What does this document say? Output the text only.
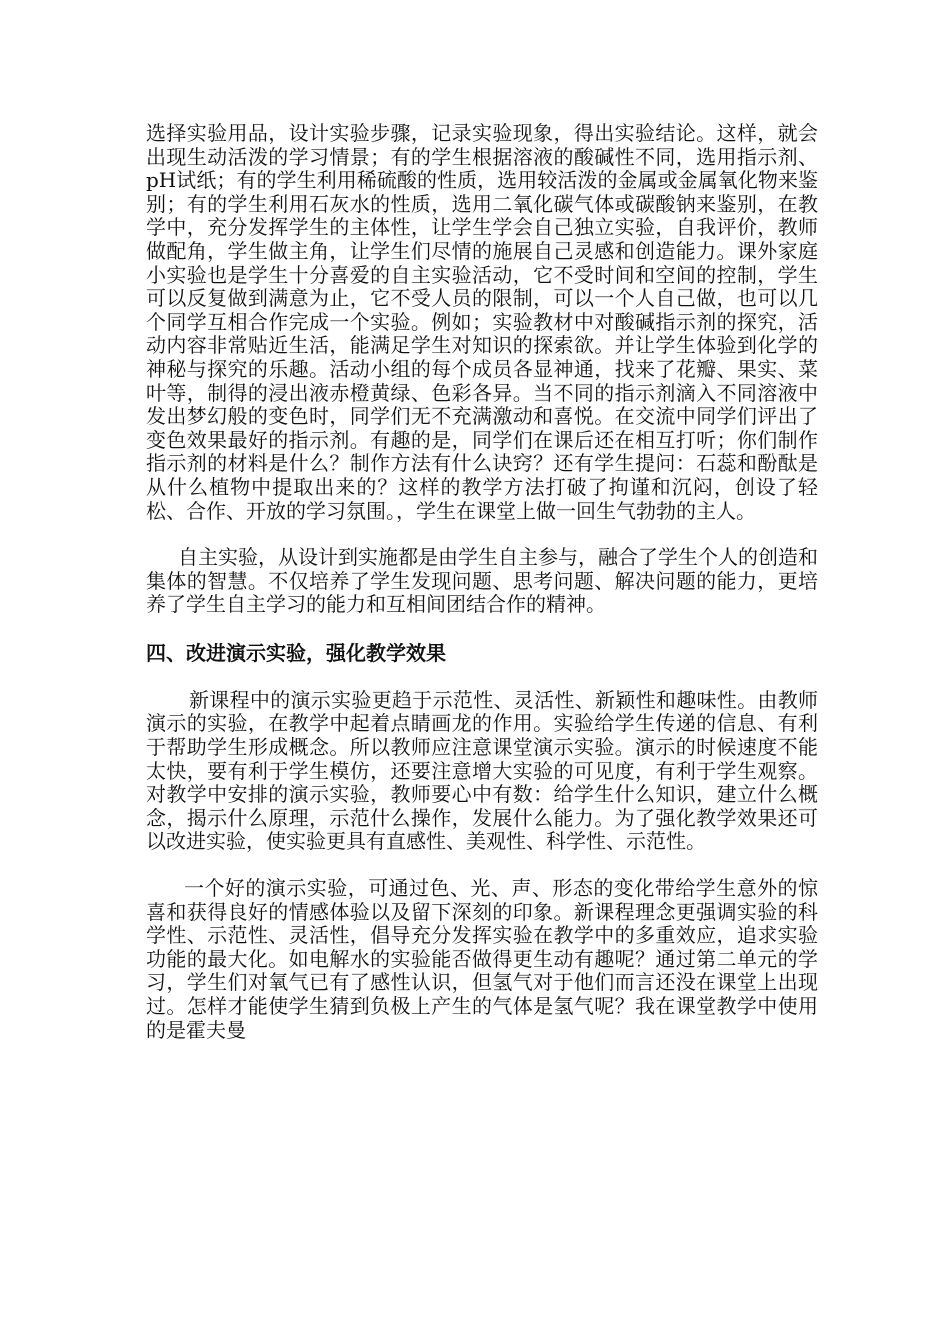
选择实验用品，设计实验步骤，记录实验现象，得出实验结论。这样，就会出现生动活泼的学习情景；有的学生根据溶液的酸碱性不同，选用指示剂、pH试纸；有的学生利用稀硫酸的性质，选用较活泼的金属或金属氧化物来鉴别；有的学生利用石灰水的性质，选用二氧化碳气体或碳酸钠来鉴别，在教学中，充分发挥学生的主体性，让学生学会自己独立实验，自我评价，教师做配角，学生做主角，让学生们尽情的施展自己灵感和创造能力。课外家庭小实验也是学生十分喜爱的自主实验活动，它不受时间和空间的控制，学生可以反复做到满意为止，它不受人员的限制，可以一个人自己做，也可以几个同学互相合作完成一个实验。例如；实验教材中对酸碱指示剂的探究，活动内容非常贴近生活，能满足学生对知识的探索欲。并让学生体验到化学的神秘与探究的乐趣。活动小组的每个成员各显神通，找来了花瓣、果实、菜叶等，制得的浸出液赤橙黄绿、色彩各异。当不同的指示剂滴入不同溶液中发出梦幻般的变色时，同学们无不充满激动和喜悦。在交流中同学们评出了变色效果最好的指示剂。有趣的是，同学们在课后还在相互打听；你们制作指示剂的材料是什么？制作方法有什么诀窍？还有学生提问：石蕊和酚酞是从什么植物中提取出来的？这样的教学方法打破了拘谨和沉闷，创设了轻松、合作、开放的学习氛围。，学生在课堂上做一回生气勃勃的主人。

自主实验，从设计到实施都是由学生自主参与，融合了学生个人的创造和集体的智慧。不仅培养了学生发现问题、思考问题、解决问题的能力，更培养了学生自主学习的能力和互相间团结合作的精神。

四、改进演示实验，强化教学效果

新课程中的演示实验更趋于示范性、灵活性、新颖性和趣味性。由教师演示的实验，在教学中起着点睛画龙的作用。实验给学生传递的信息、有利于帮助学生形成概念。所以教师应注意课堂演示实验。演示的时候速度不能太快，要有利于学生模仿，还要注意增大实验的可见度，有利于学生观察。对教学中安排的演示实验，教师要心中有数：给学生什么知识，建立什么概念，揭示什么原理，示范什么操作，发展什么能力。为了强化教学效果还可以改进实验，使实验更具有直感性、美观性、科学性、示范性。

一个好的演示实验，可通过色、光、声、形态的变化带给学生意外的惊喜和获得良好的情感体验以及留下深刻的印象。新课程理念更强调实验的科学性、示范性、灵活性，倡导充分发挥实验在教学中的多重效应，追求实验功能的最大化。如电解水的实验能否做得更生动有趣呢？通过第二单元的学习，学生们对氧气已有了感性认识，但氢气对于他们而言还没在课堂上出现过。怎样才能使学生猜到负极上产生的气体是氢气呢？我在课堂教学中使用的是霍夫曼
